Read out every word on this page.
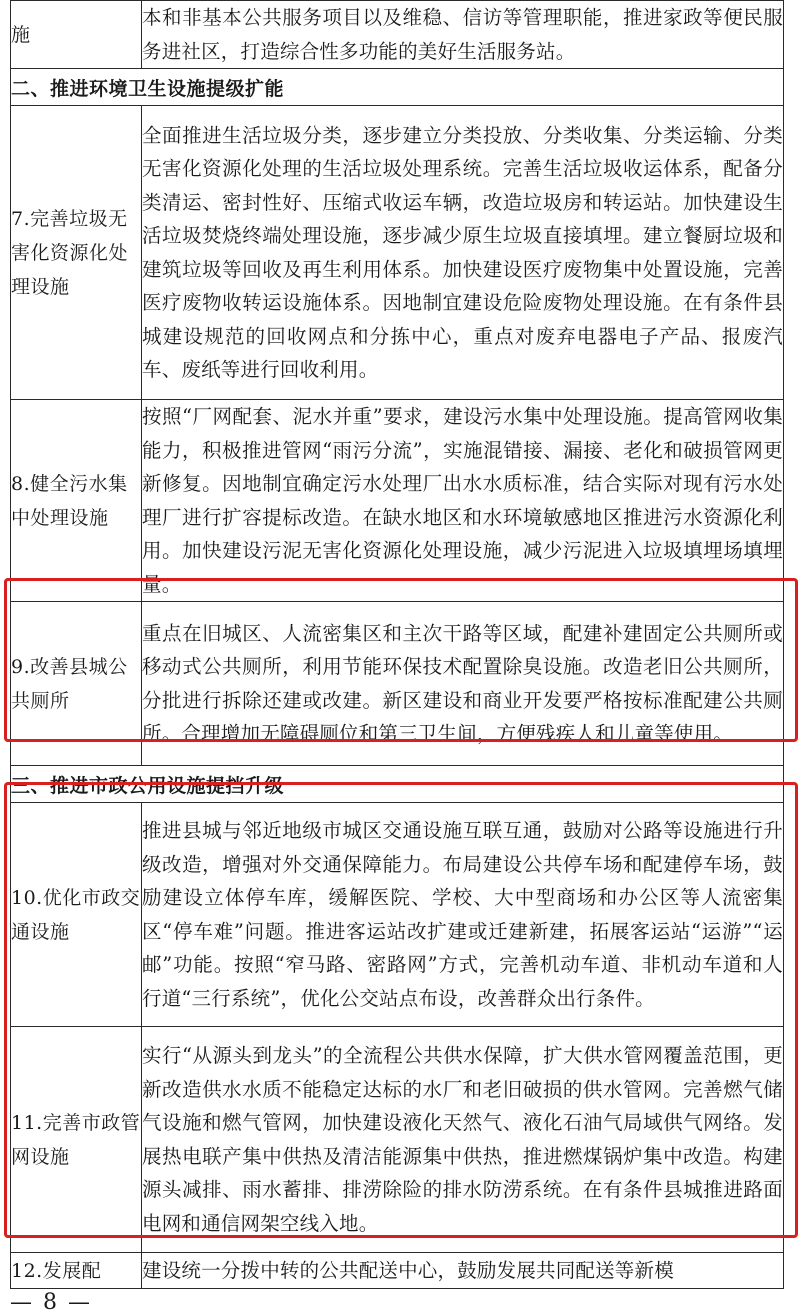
施	本和非基本公共服务项目以及维稳、信访等管理职能，推进家政等便民服务进社区，打造综合性多功能的美好生活服务站。
二、推进环境卫生设施提级扩能	
7.完善垃圾无害化资源化处理设施	全面推进生活垃圾分类，逐步建立分类投放、分类收集、分类运输、分类无害化资源化处理的生活垃圾处理系统。完善生活垃圾收运体系，配备分类清运、密封性好、压缩式收运车辆，改造垃圾房和转运站。加快建设生活垃圾焚烧终端处理设施，逐步减少原生垃圾直接填埋。建立餐厨垃圾和建筑垃圾等回收及再生利用体系。加快建设医疗废物集中处置设施，完善医疗废物收转运设施体系。因地制宜建设危险废物处理设施。在有条件县城建设规范的回收网点和分拣中心，重点对废弃电器电子产品、报废汽车、废纸等进行回收利用。
8.健全污水集中处理设施	按照“厂网配套、泥水并重”要求，建设污水集中处理设施。提高管网收集能力，积极推进管网“雨污分流”，实施混错接、漏接、老化和破损管网更新修复。因地制宜确定污水处理厂出水水质标准，结合实际对现有污水处理厂进行扩容提标改造。在缺水地区和水环境敏感地区推进污水资源化利用。加快建设污泥无害化资源化处理设施，减少污泥进入垃圾填埋场填埋量。
9.改善县城公共厕所	重点在旧城区、人流密集区和主次干路等区域，配建补建固定公共厕所或移动式公共厕所，利用节能环保技术配置除臭设施。改造老旧公共厕所，分批进行拆除还建或改建。新区建设和商业开发要严格按标准配建公共厕所。合理增加无障碍厕位和第三卫生间，方便残疾人和儿童等使用。
三、推进市政公用设施提挡升级	
10.优化市政交通设施	推进县城与邻近地级市城区交通设施互联互通，鼓励对公路等设施进行升级改造，增强对外交通保障能力。布局建设公共停车场和配建停车场，鼓励建设立体停车库，缓解医院、学校、大中型商场和办公区等人流密集区“停车难”问题。推进客运站改扩建或迁建新建，拓展客运站“运游”“运邮”功能。按照“窄马路、密路网”方式，完善机动车道、非机动车道和人行道“三行系统”，优化公交站点布设，改善群众出行条件。
11.完善市政管网设施	实行“从源头到龙头”的全流程公共供水保障，扩大供水管网覆盖范围，更新改造供水水质不能稳定达标的水厂和老旧破损的供水管网。完善燃气储气设施和燃气管网，加快建设液化天然气、液化石油气局域供气网络。发展热电联产集中供热及清洁能源集中供热，推进燃煤锅炉集中改造。构建源头减排、雨水蓄排、排涝除险的排水防涝系统。在有条件县城推进路面电网和通信网架空线入地。
12.发展配	建设统一分拨中转的公共配送中心，鼓励发展共同配送等新模
— 8 —
